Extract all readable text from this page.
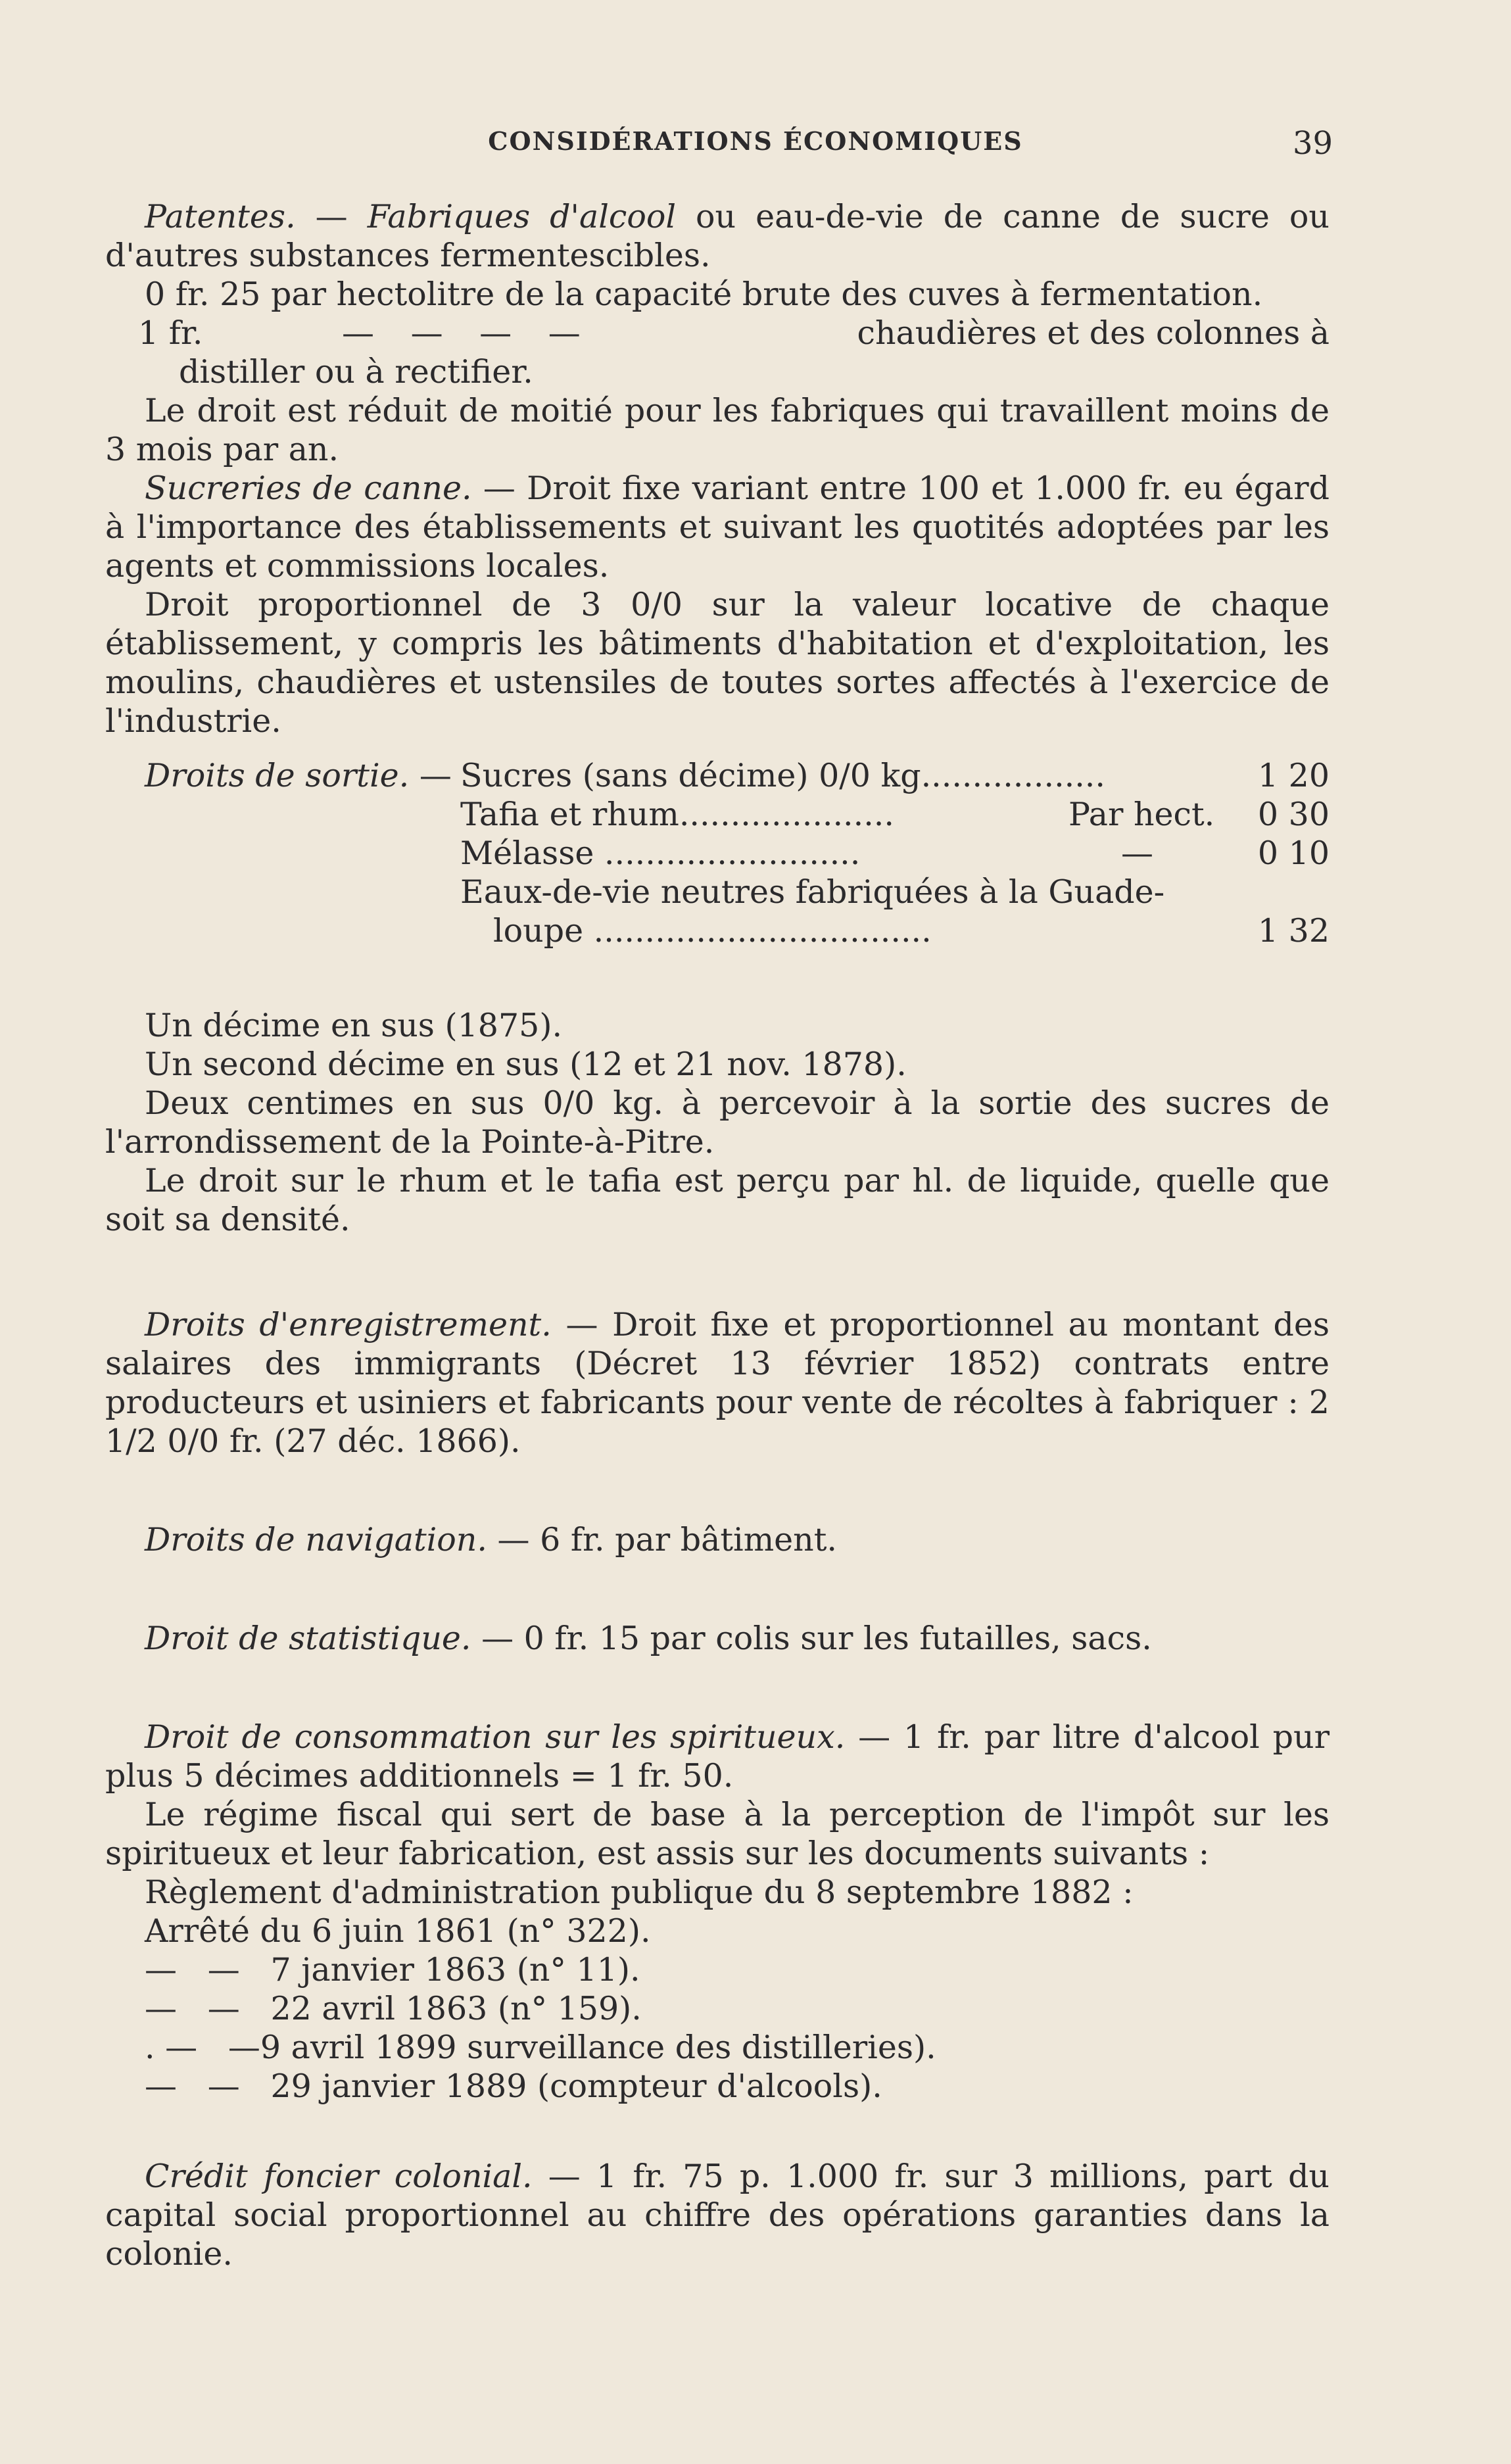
CONSIDÉRATIONS ÉCONOMIQUES	39

Patentes. — Fabriques d'alcool ou eau-de-vie de canne de sucre ou d'autres substances fermentescibles.

0 fr. 25 par hectolitre de la capacité brute des cuves à fermentation.

1 fr.	— — — —	chaudières et des colonnes à

distiller ou à rectifier.

Le droit est réduit de moitié pour les fabriques qui travaillent moins de 3 mois par an.

Sucreries de canne. — Droit fixe variant entre 100 et 1.000 fr. eu égard à l'importance des établissements et suivant les quotités adoptées par les agents et commissions locales.

Droit proportionnel de 3 0/0 sur la valeur locative de chaque établissement, y compris les bâtiments d'habitation et d'exploitation, les moulins, chaudières et ustensiles de toutes sortes affectés à l'exercice de l'industrie.

Droits de sortie. — Sucres (sans décime) 0/0 kg..................	1 20
Tafia et rhum.....................	Par hect. 0 30
Mélasse .........................	—	0 10
Eaux-de-vie neutres fabriquées à la Guade-
loupe .................................	1 32

Un décime en sus (1875).

Un second décime en sus (12 et 21 nov. 1878).

Deux centimes en sus 0/0 kg. à percevoir à la sortie des sucres de l'arrondissement de la Pointe-à-Pitre.

Le droit sur le rhum et le tafia est perçu par hl. de liquide, quelle que soit sa densité.

Droits d'enregistrement. — Droit fixe et proportionnel au montant des salaires des immigrants (Décret 13 février 1852) contrats entre producteurs et usiniers et fabricants pour vente de récoltes à fabriquer : 2 1/2 0/0 fr. (27 déc. 1866).

Droits de navigation. — 6 fr. par bâtiment.

Droit de statistique. — 0 fr. 15 par colis sur les futailles, sacs.

Droit de consommation sur les spiritueux. — 1 fr. par litre d'alcool pur plus 5 décimes additionnels = 1 fr. 50.

Le régime fiscal qui sert de base à la perception de l'impôt sur les spiritueux et leur fabrication, est assis sur les documents suivants :

Règlement d'administration publique du 8 septembre 1882 :

Arrêté du 6 juin 1861 (n° 322).

—   —   7 janvier 1863 (n° 11).

—   —   22 avril 1863 (n° 159).

. —   —9 avril 1899 surveillance des distilleries).

—   —   29 janvier 1889 (compteur d'alcools).

Crédit foncier colonial. — 1 fr. 75 p. 1.000 fr. sur 3 millions, part du capital social proportionnel au chiffre des opérations garanties dans la colonie.
